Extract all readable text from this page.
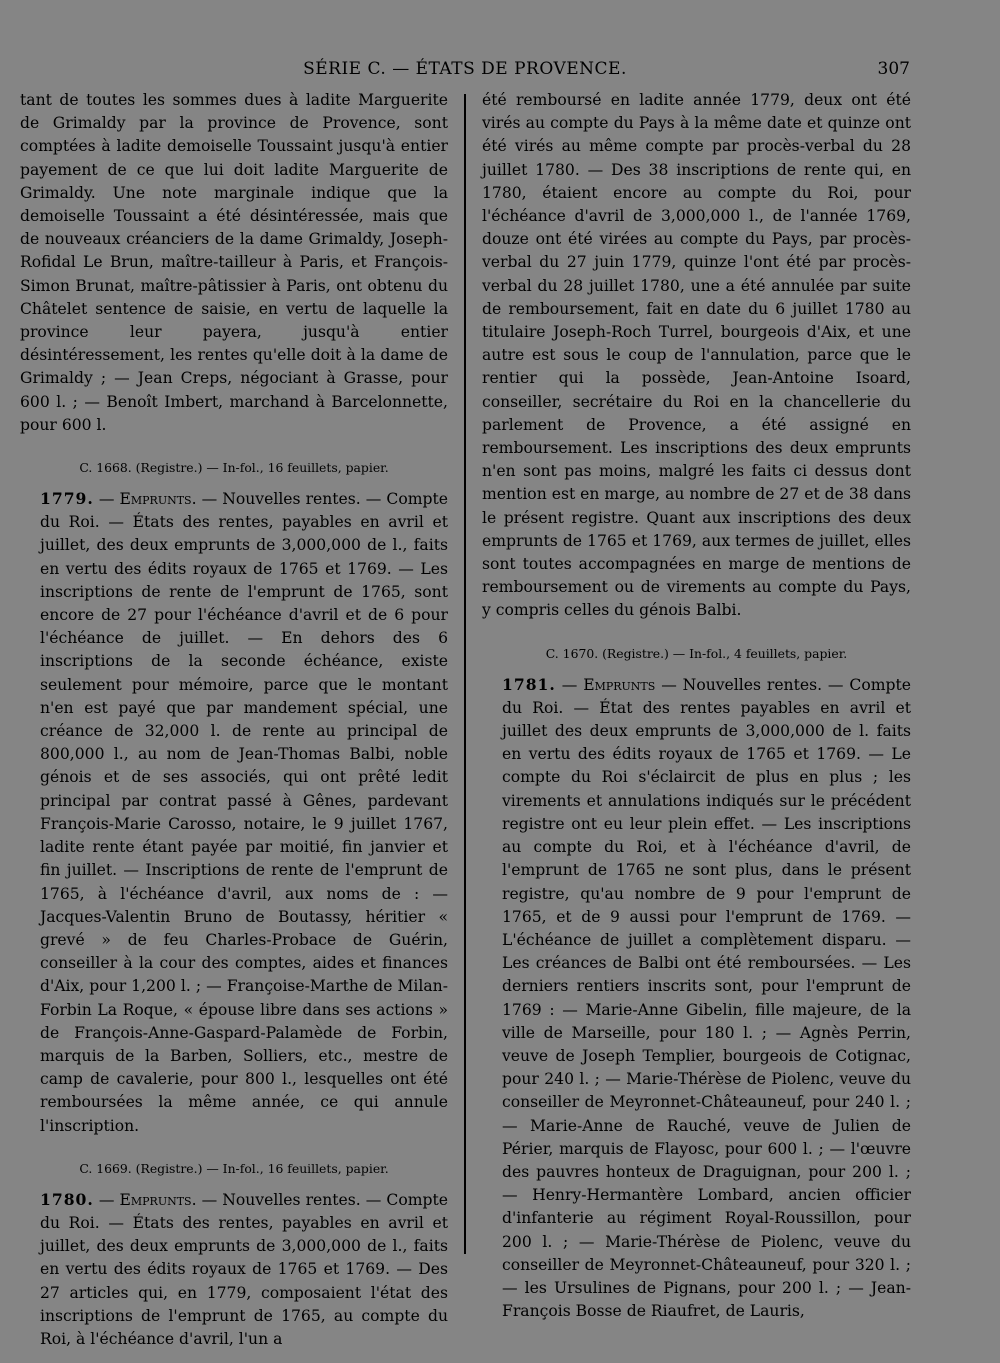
SÉRIE C. — ÉTATS DE PROVENCE.	307

tant de toutes les sommes dues à ladite Marguerite de Grimaldy par la province de Provence, sont comptées à ladite demoiselle Toussaint jusqu'à entier payement de ce que lui doit ladite Marguerite de Grimaldy. Une note marginale indique que la demoiselle Toussaint a été désintéressée, mais que de nouveaux créanciers de la dame Grimaldy, Joseph-Rofidal Le Brun, maître-tailleur à Paris, et François-Simon Brunat, maître-pâtissier à Paris, ont obtenu du Châtelet sentence de saisie, en vertu de laquelle la province leur payera, jusqu'à entier désintéressement, les rentes qu'elle doit à la dame de Grimaldy ; — Jean Creps, négociant à Grasse, pour 600 l. ; — Benoît Imbert, marchand à Barcelonnette, pour 600 l.

C. 1668. (Registre.) — In-fol., 16 feuillets, papier.

1779. — Emprunts. — Nouvelles rentes. — Compte du Roi. — États des rentes, payables en avril et juillet, des deux emprunts de 3,000,000 de l., faits en vertu des édits royaux de 1765 et 1769. — Les inscriptions de rente de l'emprunt de 1765, sont encore de 27 pour l'échéance d'avril et de 6 pour l'échéance de juillet. — En dehors des 6 inscriptions de la seconde échéance, existe seulement pour mémoire, parce que le montant n'en est payé que par mandement spécial, une créance de 32,000 l. de rente au principal de 800,000 l., au nom de Jean-Thomas Balbi, noble génois et de ses associés, qui ont prêté ledit principal par contrat passé à Gênes, pardevant François-Marie Carosso, notaire, le 9 juillet 1767, ladite rente étant payée par moitié, fin janvier et fin juillet. — Inscriptions de rente de l'emprunt de 1765, à l'échéance d'avril, aux noms de : — Jacques-Valentin Bruno de Boutassy, héritier « grevé » de feu Charles-Probace de Guérin, conseiller à la cour des comptes, aides et finances d'Aix, pour 1,200 l. ; — Françoise-Marthe de Milan-Forbin La Roque, « épouse libre dans ses actions » de François-Anne-Gaspard-Palamède de Forbin, marquis de la Barben, Solliers, etc., mestre de camp de cavalerie, pour 800 l., lesquelles ont été remboursées la même année, ce qui annule l'inscription.

C. 1669. (Registre.) — In-fol., 16 feuillets, papier.

1780. — Emprunts. — Nouvelles rentes. — Compte du Roi. — États des rentes, payables en avril et juillet, des deux emprunts de 3,000,000 de l., faits en vertu des édits royaux de 1765 et 1769. — Des 27 articles qui, en 1779, composaient l'état des inscriptions de l'emprunt de 1765, au compte du Roi, à l'échéance d'avril, l'un a

été remboursé en ladite année 1779, deux ont été virés au compte du Pays à la même date et quinze ont été virés au même compte par procès-verbal du 28 juillet 1780. — Des 38 inscriptions de rente qui, en 1780, étaient encore au compte du Roi, pour l'échéance d'avril de 3,000,000 l., de l'année 1769, douze ont été virées au compte du Pays, par procès-verbal du 27 juin 1779, quinze l'ont été par procès-verbal du 28 juillet 1780, une a été annulée par suite de remboursement, fait en date du 6 juillet 1780 au titulaire Joseph-Roch Turrel, bourgeois d'Aix, et une autre est sous le coup de l'annulation, parce que le rentier qui la possède, Jean-Antoine Isoard, conseiller, secrétaire du Roi en la chancellerie du parlement de Provence, a été assigné en remboursement. Les inscriptions des deux emprunts n'en sont pas moins, malgré les faits ci dessus dont mention est en marge, au nombre de 27 et de 38 dans le présent registre. Quant aux inscriptions des deux emprunts de 1765 et 1769, aux termes de juillet, elles sont toutes accompagnées en marge de mentions de remboursement ou de virements au compte du Pays, y compris celles du génois Balbi.

C. 1670. (Registre.) — In-fol., 4 feuillets, papier.

1781. — Emprunts — Nouvelles rentes. — Compte du Roi. — État des rentes payables en avril et juillet des deux emprunts de 3,000,000 de l. faits en vertu des édits royaux de 1765 et 1769. — Le compte du Roi s'éclaircit de plus en plus ; les virements et annulations indiqués sur le précédent registre ont eu leur plein effet. — Les inscriptions au compte du Roi, et à l'échéance d'avril, de l'emprunt de 1765 ne sont plus, dans le présent registre, qu'au nombre de 9 pour l'emprunt de 1765, et de 9 aussi pour l'emprunt de 1769. — L'échéance de juillet a complètement disparu. — Les créances de Balbi ont été remboursées. — Les derniers rentiers inscrits sont, pour l'emprunt de 1769 : — Marie-Anne Gibelin, fille majeure, de la ville de Marseille, pour 180 l. ; — Agnès Perrin, veuve de Joseph Templier, bourgeois de Cotignac, pour 240 l. ; — Marie-Thérèse de Piolenc, veuve du conseiller de Meyronnet-Châteauneuf, pour 240 l. ; — Marie-Anne de Rauché, veuve de Julien de Périer, marquis de Flayosc, pour 600 l. ; — l'œuvre des pauvres honteux de Draguignan, pour 200 l. ; — Henry-Hermantère Lombard, ancien officier d'infanterie au régiment Royal-Roussillon, pour 200 l. ; — Marie-Thérèse de Piolenc, veuve du conseiller de Meyronnet-Châteauneuf, pour 320 l. ; — les Ursulines de Pignans, pour 200 l. ; — Jean-François Bosse de Riaufret, de Lauris,
